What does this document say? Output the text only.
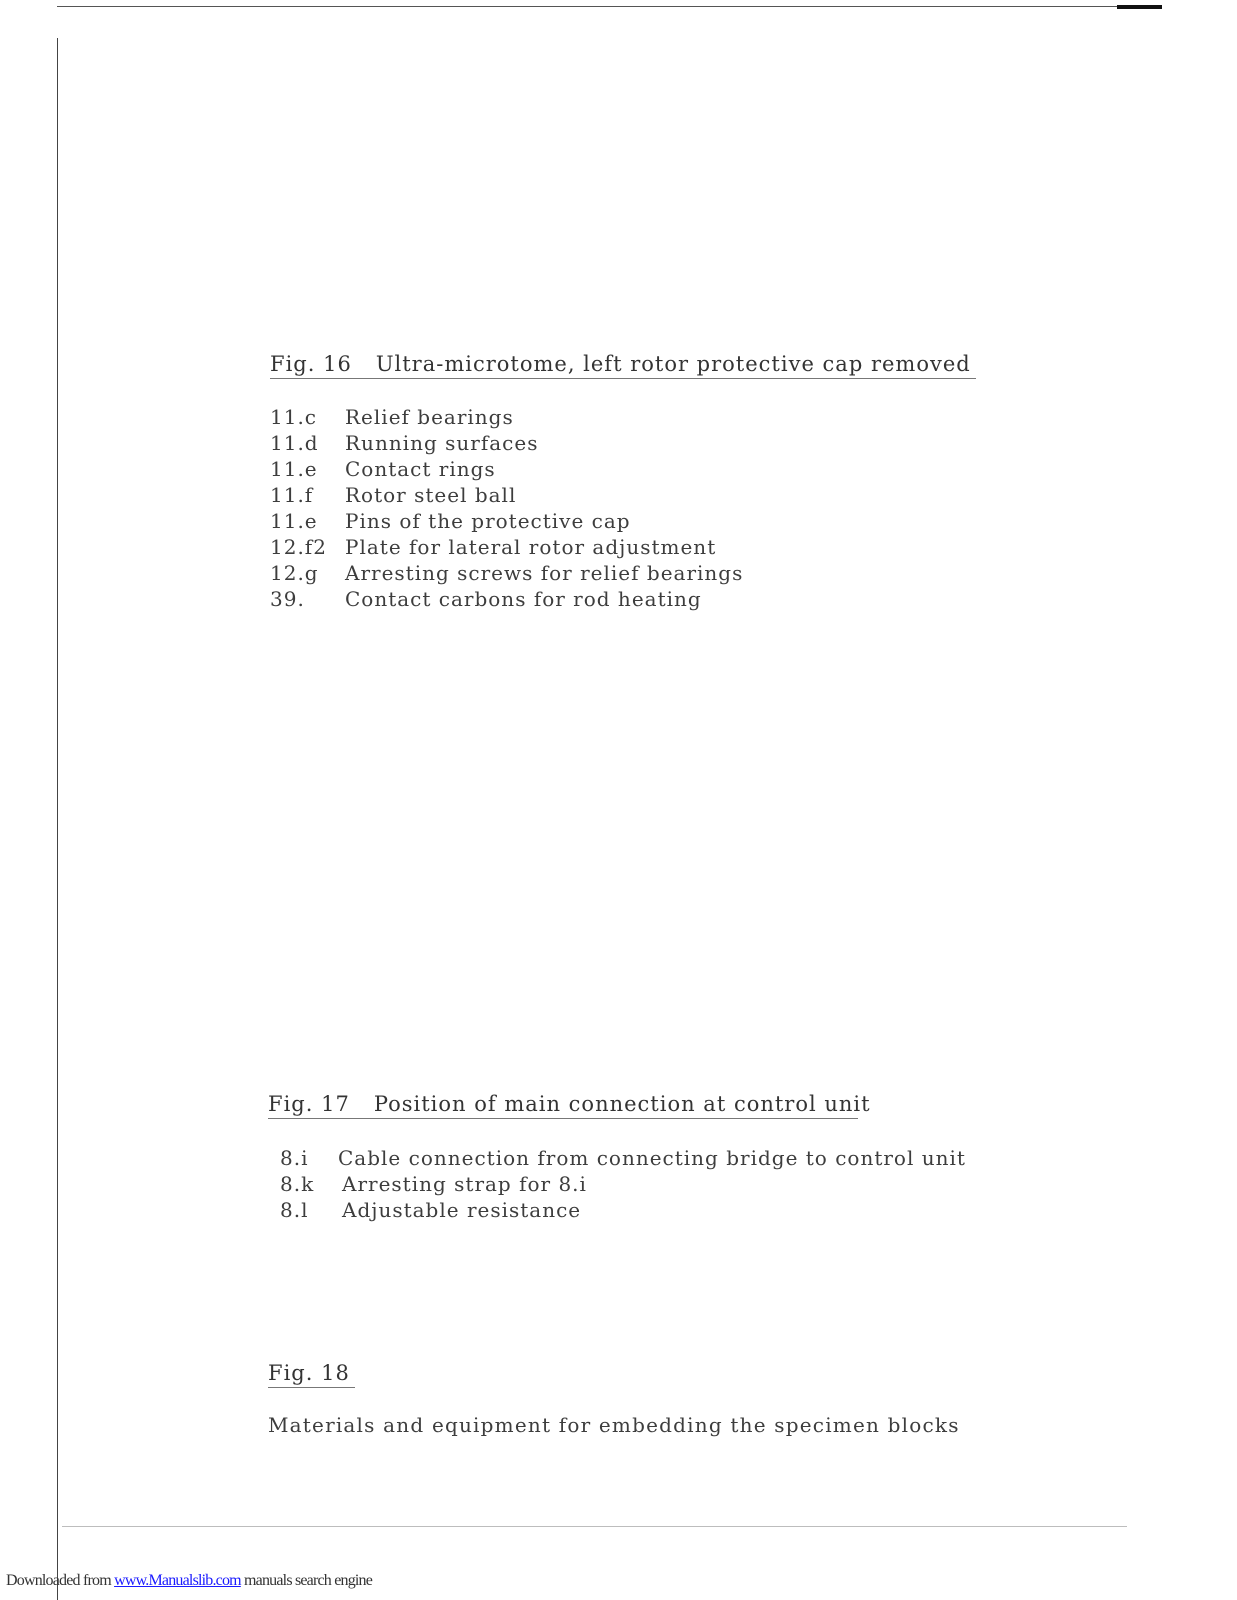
Fig. 16 Ultra-microtome, left rotor protective cap removed
11.c Relief bearings
11.d Running surfaces
11.e Contact rings
11.f Rotor steel ball
11.e Pins of the protective cap
12.f2 Plate for lateral rotor adjustment
12.g Arresting screws for relief bearings
39. Contact carbons for rod heating
Fig. 17 Position of main connection at control unit
8.i Cable connection from connecting bridge to control unit
8.k Arresting strap for 8.i
8.l Adjustable resistance
Fig. 18
Materials and equipment for embedding the specimen blocks
Downloaded from www.Manualslib.com manuals search engine
